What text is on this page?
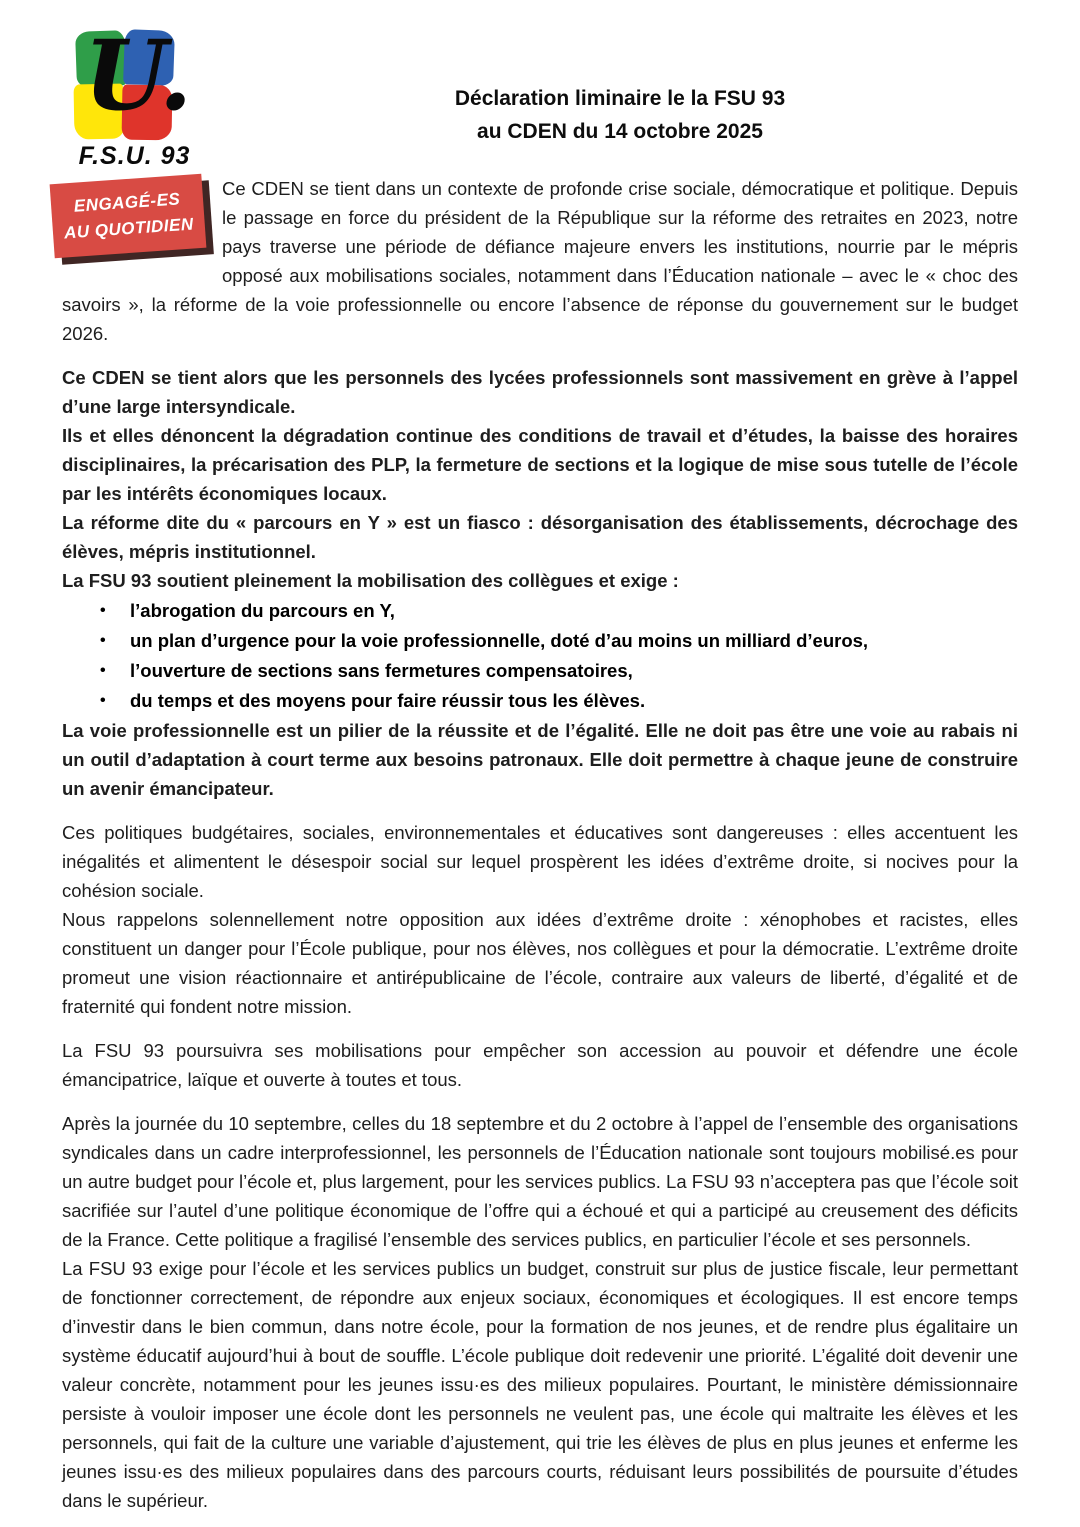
U.
F.S.U. 93
ENGAGÉ-ES
AU QUOTIDIEN
Déclaration liminaire le la FSU 93
au CDEN du 14 octobre 2025

Ce CDEN se tient dans un contexte de profonde crise sociale, démocratique et politique. Depuis le passage en force du président de la République sur la réforme des retraites en 2023, notre pays traverse une période de défiance majeure envers les institutions, nourrie par le mépris opposé aux mobilisations sociales, notamment dans l’Éducation nationale – avec le « choc des savoirs », la réforme de la voie professionnelle ou encore l’absence de réponse du gouvernement sur le budget 2026.

Ce CDEN se tient alors que les personnels des lycées professionnels sont massivement en grève à l’appel d’une large intersyndicale.

Ils et elles dénoncent la dégradation continue des conditions de travail et d’études, la baisse des horaires disciplinaires, la précarisation des PLP, la fermeture de sections et la logique de mise sous tutelle de l’école par les intérêts économiques locaux.

La réforme dite du « parcours en Y » est un fiasco : désorganisation des établissements, décrochage des élèves, mépris institutionnel.

La FSU 93 soutient pleinement la mobilisation des collègues et exige :

• l’abrogation du parcours en Y,
• un plan d’urgence pour la voie professionnelle, doté d’au moins un milliard d’euros,
• l’ouverture de sections sans fermetures compensatoires,
• du temps et des moyens pour faire réussir tous les élèves.

La voie professionnelle est un pilier de la réussite et de l’égalité. Elle ne doit pas être une voie au rabais ni un outil d’adaptation à court terme aux besoins patronaux. Elle doit permettre à chaque jeune de construire un avenir émancipateur.

Ces politiques budgétaires, sociales, environnementales et éducatives sont dangereuses : elles accentuent les inégalités et alimentent le désespoir social sur lequel prospèrent les idées d’extrême droite, si nocives pour la cohésion sociale.

Nous rappelons solennellement notre opposition aux idées d’extrême droite : xénophobes et racistes, elles constituent un danger pour l’École publique, pour nos élèves, nos collègues et pour la démocratie. L’extrême droite promeut une vision réactionnaire et antirépublicaine de l’école, contraire aux valeurs de liberté, d’égalité et de fraternité qui fondent notre mission.

La FSU 93 poursuivra ses mobilisations pour empêcher son accession au pouvoir et défendre une école émancipatrice, laïque et ouverte à toutes et tous.

Après la journée du 10 septembre, celles du 18 septembre et du 2 octobre à l’appel de l’ensemble des organisations syndicales dans un cadre interprofessionnel, les personnels de l’Éducation nationale sont toujours mobilisé.es pour un autre budget pour l’école et, plus largement, pour les services publics. La FSU 93 n’acceptera pas que l’école soit sacrifiée sur l’autel d’une politique économique de l’offre qui a échoué et qui a participé au creusement des déficits de la France. Cette politique a fragilisé l’ensemble des services publics, en particulier l’école et ses personnels.

La FSU 93 exige pour l’école et les services publics un budget, construit sur plus de justice fiscale, leur permettant de fonctionner correctement, de répondre aux enjeux sociaux, économiques et écologiques. Il est encore temps d’investir dans le bien commun, dans notre école, pour la formation de nos jeunes, et de rendre plus égalitaire un système éducatif aujourd’hui à bout de souffle. L’école publique doit redevenir une priorité. L’égalité doit devenir une valeur concrète, notamment pour les jeunes issu·es des milieux populaires. Pourtant, le ministère démissionnaire persiste à vouloir imposer une école dont les personnels ne veulent pas, une école qui maltraite les élèves et les personnels, qui fait de la culture une variable d’ajustement, qui trie les élèves de plus en plus jeunes et enferme les jeunes issu·es des milieux populaires dans des parcours courts, réduisant leurs possibilités de poursuite d’études dans le supérieur.
